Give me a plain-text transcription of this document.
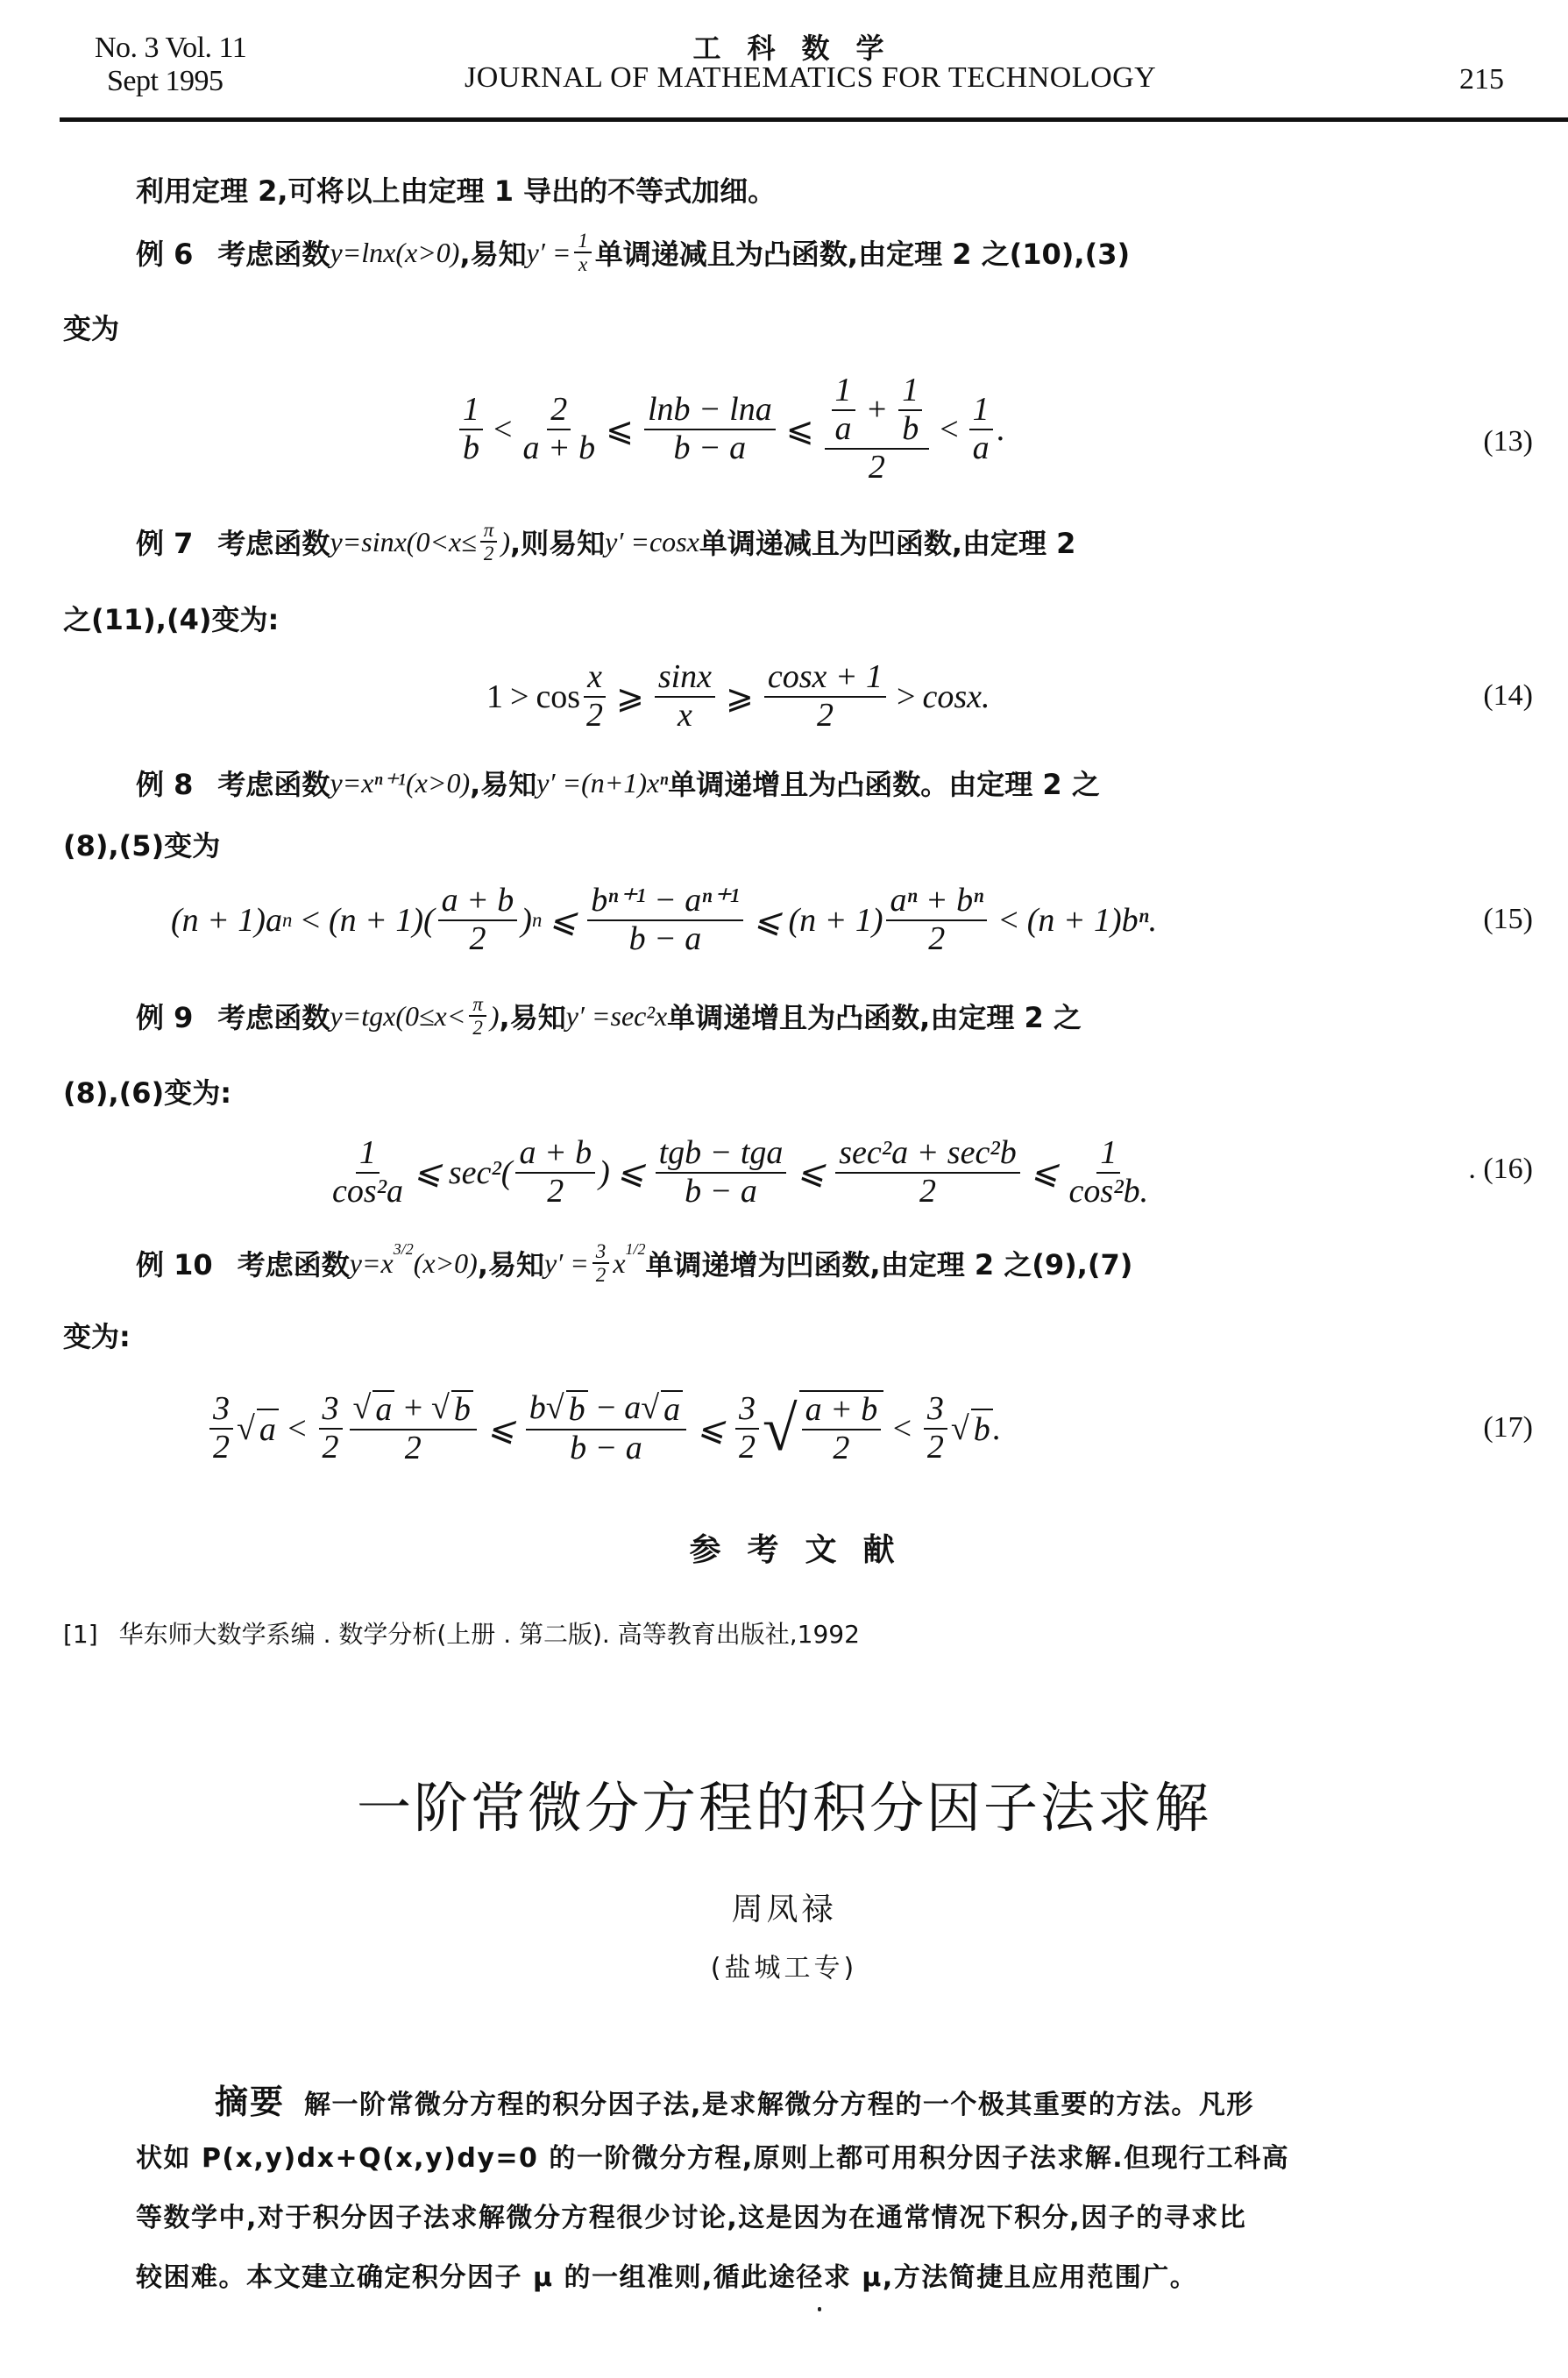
No. 3 Vol. 11
Sept 1995
工科数学
JOURNAL OF MATHEMATICS FOR TECHNOLOGY	215
利用定理 2,可将以上由定理 1 导出的不等式加细。
例 6 考虑函数 y=lnx(x>0) ,易知 $y' = \frac{1}{x}$ 单调递减且为凸函数,由定理 2 之(10),(3)
变为
$\frac{1}{b} < \frac{2}{a + b}$ ⩽ $\frac{\ln b - \ln a}{b - a}$ ⩽ $\frac{\frac{1}{a} + \frac{1}{b}}{2} < \frac{1}{a}$ .	(13)
例 7 考虑函数 $y=\sin x(0<x\le \frac{\pi}{2}$ ) ,则易知 y′ =cosx 单调递减且为凹函数,由定理 2
之(11),(4)变为:
$1 > \cos \frac{x}{2}$ ⩾ $\frac{\sin x}{x}$ ⩾ $\frac{\cos x + 1}{2} > \cos x$.	(14)
例 8 考虑函数 y=xⁿ⁺¹(x>0) ,易知 y′ =(n+1)xⁿ 单调递增且为凸函数。由定理 2 之
(8),(5)变为
(n + 1) a $n < (n + 1)( \frac{a + b}{2}$ ) n ⩽ $\frac{\text{bⁿ⁺¹ − aⁿ⁺¹}}{b - a}$ ⩽ $(n + 1) \frac{\text{aⁿ + bⁿ}}{2} < (n + 1)b^n$.	(15)
例 9 考虑函数 $y=tgx(0\le x< \frac{\pi}{2}$ ) ,易知 y′ =sec²x 单调递增且为凸函数,由定理 2 之
(8),(6)变为:
$\frac{1}{\text{cos²a}}$ ⩽ $\sec^2( \frac{a + b}{2}$ ) ⩽ $\frac{\text{tgb − tga}}{b - a}$ ⩽ $\frac{\text{sec²a + sec²b}}{2}$ ⩽ $\frac{1}{\text{cos²b.}}$	. (16)
例 10 考虑函数 $y=x^{3/2}$ (x>0) ,易知 $y' = \frac{3}{2} x^{1/2}$ 单调递增为凹函数,由定理 2 之(9),(7)
变为:
$\frac{3}{2}$ √ $a < \frac{3}{2} \frac{√ a + √ b}{2}$ ⩽ $\frac{b √ b - a √ a}{b - a}$ ⩽ $\frac{3}{2}$ √ $\frac{a + b}{2} < \frac{3}{2}$ √ b .	(17)
参考文献
[1] 华东师大数学系编 . 数学分析(上册 . 第二版). 高等教育出版社,1992
一阶常微分方程的积分因子法求解
周凤禄
(盐城工专)
摘要 解一阶常微分方程的积分因子法,是求解微分方程的一个极其重要的方法。凡形
状如 P(x,y)dx+Q(x,y)dy=0 的一阶微分方程,原则上都可用积分因子法求解.但现行工科高
等数学中,对于积分因子法求解微分方程很少讨论,这是因为在通常情况下积分,因子的寻求比
较困难。本文建立确定积分因子 μ 的一组准则,循此途径求 μ,方法简捷且应用范围广。
